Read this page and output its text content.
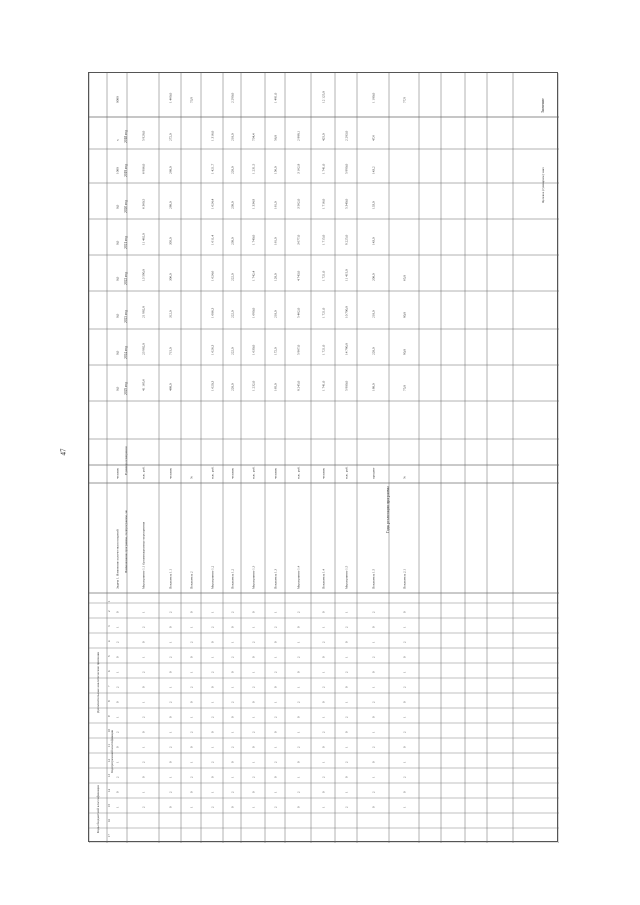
47
Значение
Целевое (суммарное) знач
Годы реализации программы
2018 год
2019 год
2020 год
2021 год
2022 год
2023 год
2024 год
2025 год
Единица измерения
Наименование программы, подпрограммы, ме
х
1000
0,0
0,0
0,0
0,0
0,0
0,0
0000
человек
Задача 1. Изменение количества посещений
0
1
2
0
1
2
0
1
2
0
1
2
0
1
5 928,0
6 906,0
6 360,5
11 462,0
13 590,0
21 982,8
23 982,0
41 165,6
тыс. руб.
Мероприятие 1.1 Организационные мероприятия
1
2
0
1
2
0
1
2
0
1
2
0
1
2
272,0
260,0
280,0
305,0
306,0
312,0
715,0
460,0
1 460,0
человек
Показатель 1.1
2
0
1
2
0
1
2
0
1
2
0
1
2
0
73,9
%
Показатель 2
0
1
2
0
1
2
0
1
2
0
1
2
0
1
1 316,0
1 421,7
1 624,4
1 611,4
1 624,6
1 606,3
1 626,3
1 620,3
тыс. руб.
Мероприятие 1.2
1
2
0
1
2
0
1
2
0
1
2
0
1
2
210,0
220,0
230,0
230,0
222,0
222,0
222,0
220,0
2 290,0
человек
Показатель 1.2
2
0
1
2
0
1
2
0
1
2
0
1
2
0
734,4
1 231,5
1 334,9
1 740,0
1 742,4
1 690,0
1 630,0
1 232,0
тыс. руб.
Мероприятие 1.3
0
1
2
0
1
2
0
1
2
0
1
2
0
1
56,0
156,0
161,0
161,0
120,0
210,0
172,0
165,0
1 481,0
человек
Показатель 1.3
1
2
0
1
2
0
1
2
0
1
2
0
1
2
2 888,1
3 162,8
3 562,0
3 677,0
4 743,0
5 462,0
5 967,0
8 245,0
тыс. руб.
Мероприятие 1.4
2
0
1
2
0
1
2
0
1
2
0
1
2
0
425,0
1 741,0
1 716,0
1 715,0
1 721,0
1 721,0
1 721,0
1 741,0
12 125,0
человек
Показатель 1.4
0
1
2
0
1
2
0
1
2
0
1
2
0
1
2 283,0
5 990,0
5 340,0
9 225,0
11 415,0
10 700,0
14 780,0
5 900,0
тыс. руб.
Мероприятие 1.5
1
2
0
1
2
0
1
2
0
1
2
0
1
2
47,6
143,2
133,0
143,0
200,0
210,0
220,0
180,0
1 180,0
процент
Показатель 1.5
2
0
1
2
0
1
2
0
1
2
0
1
2
0
65,0
80,0
90,0
75,0
77,9
%
Показатель 2.1
0
1
2
0
1
2
0
1
2
0
1
2
0
1
Коды бюджетной классификации
Дополнительные аналитические признаки
Код программной классификации
1
2
3
4
5
6
7
8
9
10
11
12
13
14
15
16
17
